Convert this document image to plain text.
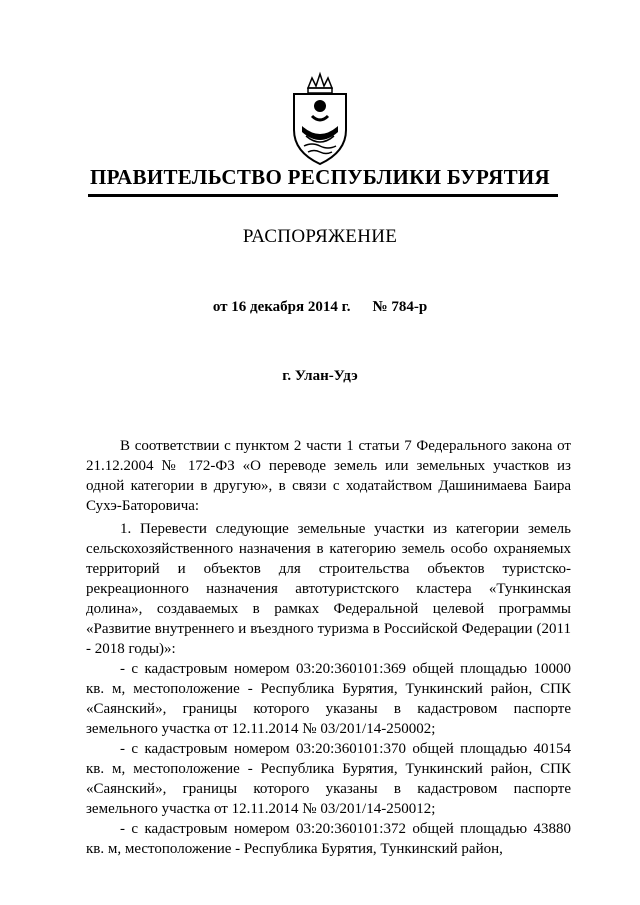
ПРАВИТЕЛЬСТВО РЕСПУБЛИКИ БУРЯТИЯ
РАСПОРЯЖЕНИЕ
от 16 декабря 2014 г. № 784-р
г. Улан-Удэ

В соответствии с пунктом 2 части 1 статьи 7 Федерального закона от 21.12.2004 № 172-ФЗ «О переводе земель или земельных участков из одной категории в другую», в связи с ходатайством Дашинимаева Баира Сухэ-Баторовича:

1. Перевести следующие земельные участки из категории земель сельскохозяйственного назначения в категорию земель особо охраняемых территорий и объектов для строительства объектов туристско-рекреационного назначения автотуристского кластера «Тункинская долина», создаваемых в рамках Федеральной целевой программы «Развитие внутреннего и въездного туризма в Российской Федерации (2011 - 2018 годы)»:

- с кадастровым номером 03:20:360101:369 общей площадью 10000 кв. м, местоположение - Республика Бурятия, Тункинский район, СПК «Саянский», границы которого указаны в кадастровом паспорте земельного участка от 12.11.2014 № 03/201/14-250002;

- с кадастровым номером 03:20:360101:370 общей площадью 40154 кв. м, местоположение - Республика Бурятия, Тункинский район, СПК «Саянский», границы которого указаны в кадастровом паспорте земельного участка от 12.11.2014 № 03/201/14-250012;

- с кадастровым номером 03:20:360101:372 общей площадью 43880 кв. м, местоположение - Республика Бурятия, Тункинский район,
